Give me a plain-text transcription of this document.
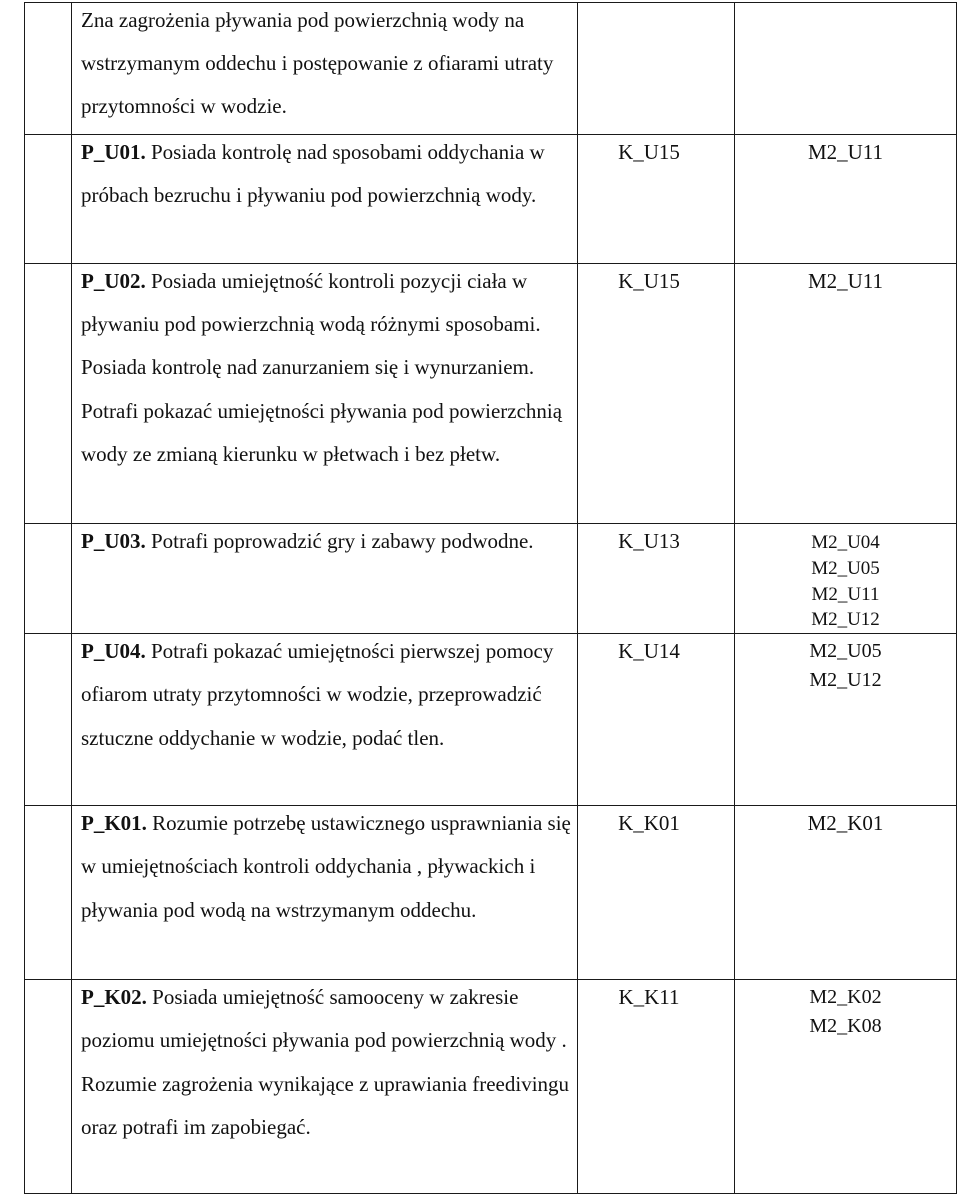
	Zna zagrożenia pływania pod powierzchnią wody na wstrzymanym oddechu i postępowanie z ofiarami utraty przytomności w wodzie.		

	P_U01. Posiada kontrolę nad sposobami oddychania w próbach bezruchu i pływaniu pod powierzchnią wody.	K_U15	M2_U11

	P_U02. Posiada umiejętność kontroli pozycji ciała w pływaniu pod powierzchnią wodą różnymi sposobami. Posiada kontrolę nad zanurzaniem się i wynurzaniem. Potrafi pokazać umiejętności pływania pod powierzchnią wody ze zmianą kierunku w płetwach i bez płetw.	K_U15	M2_U11

	P_U03. Potrafi poprowadzić gry i zabawy podwodne.	K_U13	M2_U04
M2_U05
M2_U11
M2_U12

	P_U04. Potrafi pokazać umiejętności pierwszej pomocy ofiarom utraty przytomności w wodzie, przeprowadzić sztuczne oddychanie w wodzie, podać tlen.	K_U14	M2_U05
M2_U12

	P_K01. Rozumie potrzebę ustawicznego usprawniania się w umiejętnościach kontroli oddychania , pływackich i pływania pod wodą na wstrzymanym oddechu.	K_K01	M2_K01

	P_K02. Posiada umiejętność samooceny w zakresie poziomu umiejętności pływania pod powierzchnią wody . Rozumie zagrożenia wynikające z uprawiania freedivingu oraz potrafi im zapobiegać.	K_K11	M2_K02
M2_K08
